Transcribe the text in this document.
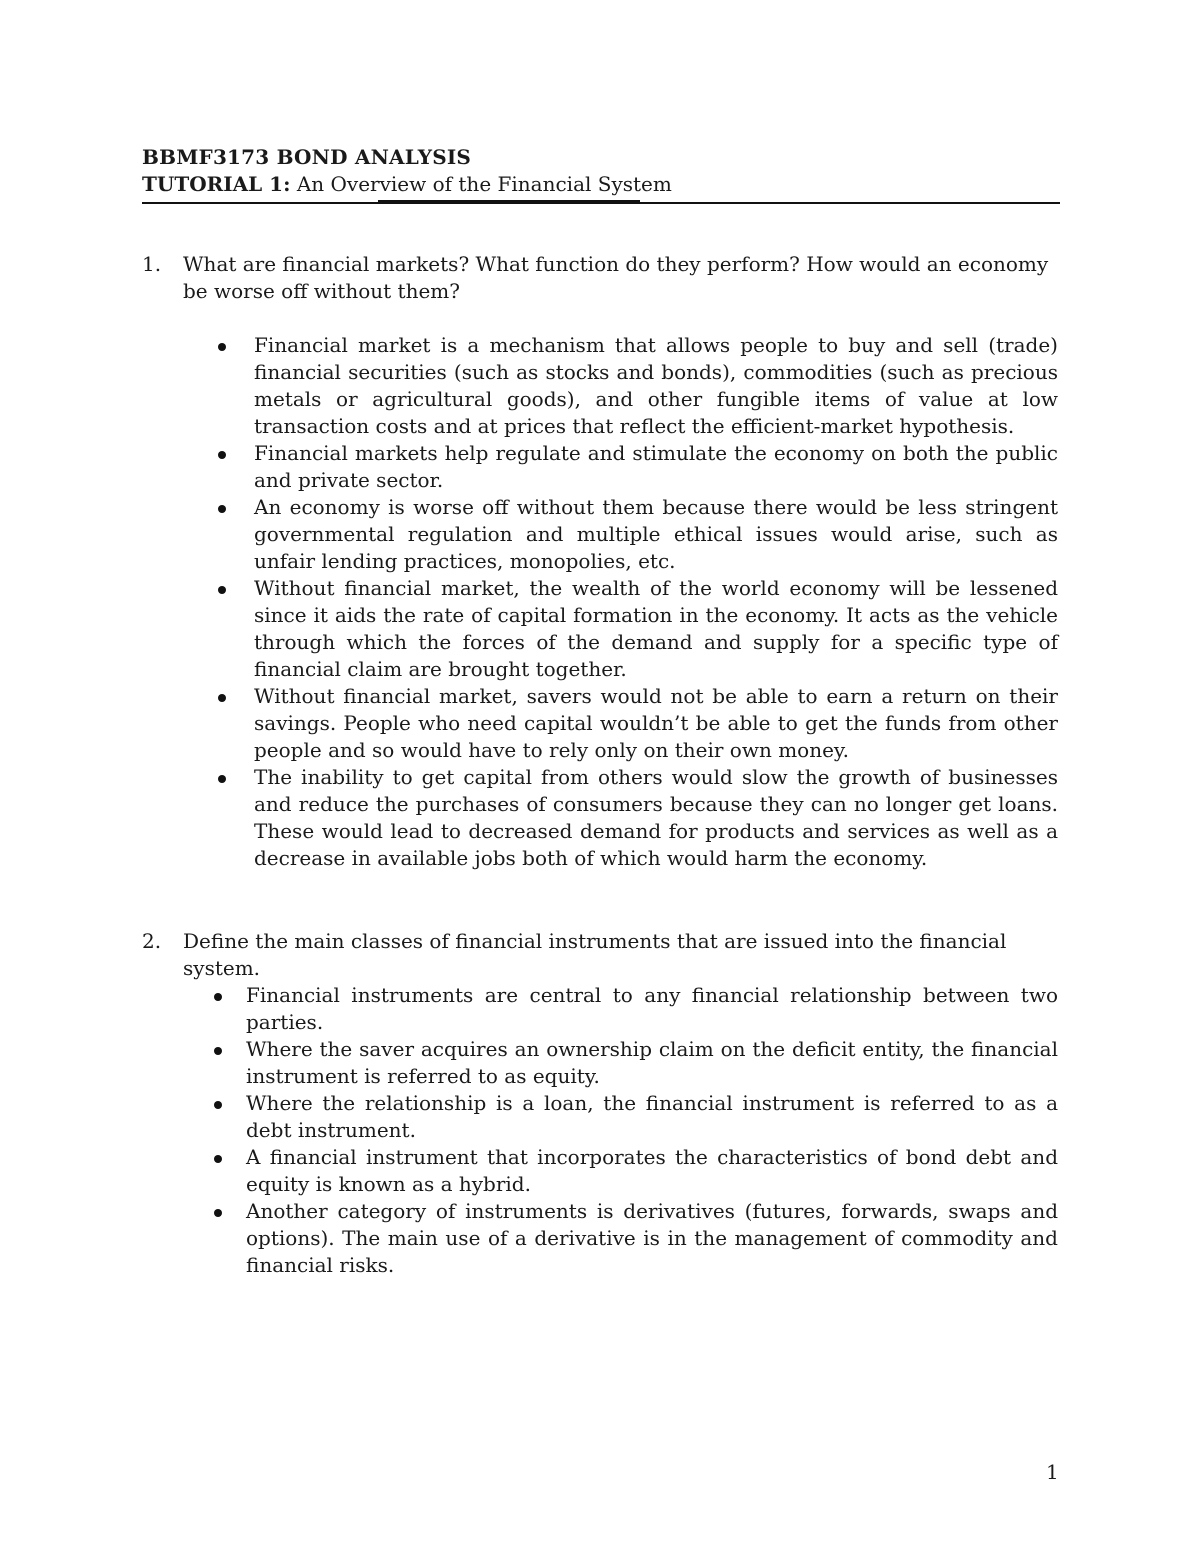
BBMF3173 BOND ANALYSIS
TUTORIAL 1: An Overview of the Financial System
1. What are financial markets? What function do they perform? How would an economy be worse off without them?
Financial market is a mechanism that allows people to buy and sell (trade) financial securities (such as stocks and bonds), commodities (such as precious metals or agricultural goods), and other fungible items of value at low transaction costs and at prices that reflect the efficient-market hypothesis.
Financial markets help regulate and stimulate the economy on both the public and private sector.
An economy is worse off without them because there would be less stringent governmental regulation and multiple ethical issues would arise, such as unfair lending practices, monopolies, etc.
Without financial market, the wealth of the world economy will be lessened since it aids the rate of capital formation in the economy. It acts as the vehicle through which the forces of the demand and supply for a specific type of financial claim are brought together.
Without financial market, savers would not be able to earn a return on their savings. People who need capital wouldn’t be able to get the funds from other people and so would have to rely only on their own money.
The inability to get capital from others would slow the growth of businesses and reduce the purchases of consumers because they can no longer get loans. These would lead to decreased demand for products and services as well as a decrease in available jobs both of which would harm the economy.
2. Define the main classes of financial instruments that are issued into the financial system.
Financial instruments are central to any financial relationship between two parties.
Where the saver acquires an ownership claim on the deficit entity, the financial instrument is referred to as equity.
Where the relationship is a loan, the financial instrument is referred to as a debt instrument.
A financial instrument that incorporates the characteristics of bond debt and equity is known as a hybrid.
Another category of instruments is derivatives (futures, forwards, swaps and options). The main use of a derivative is in the management of commodity and financial risks.
1
